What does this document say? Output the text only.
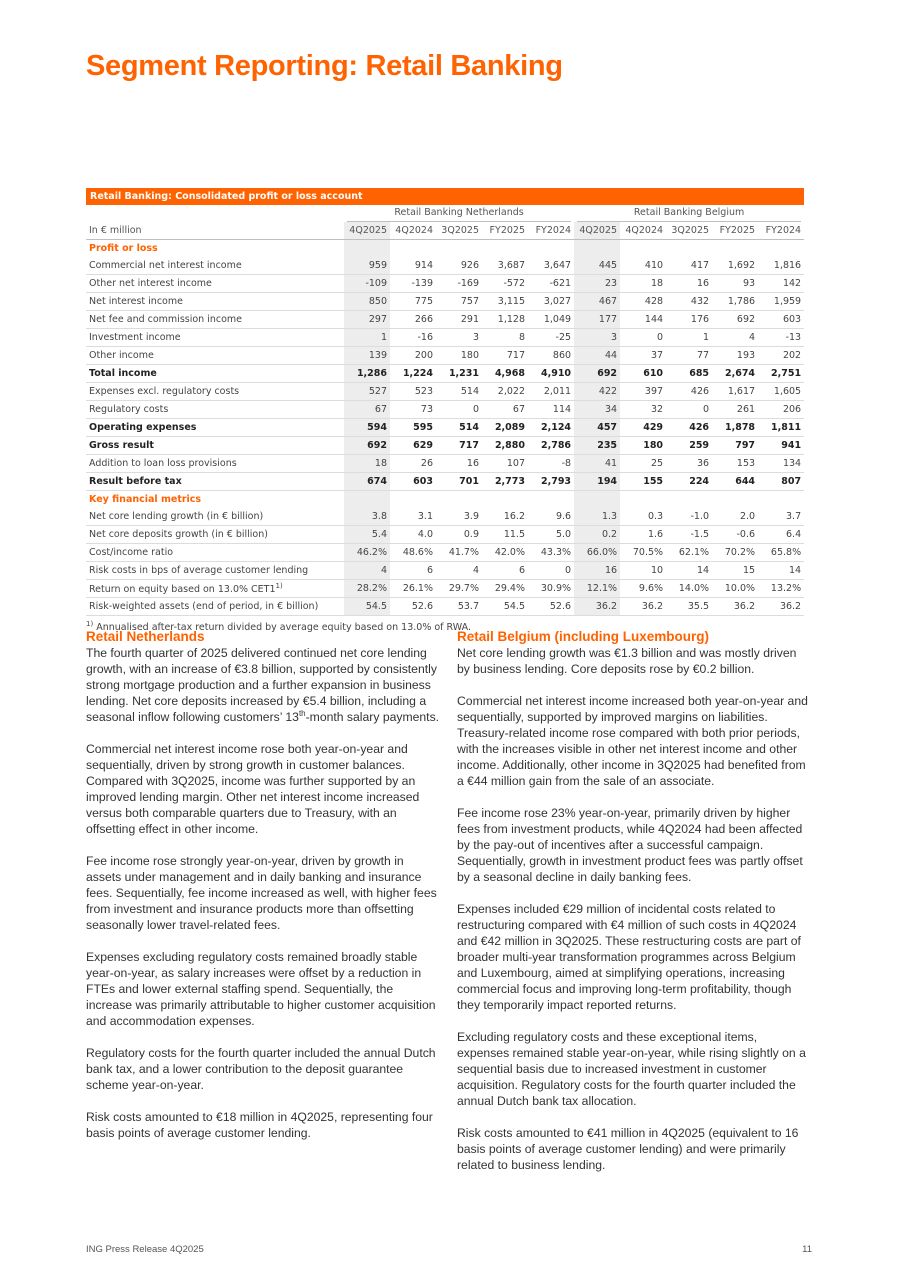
Segment Reporting: Retail Banking
Retail Banking: Consolidated profit or loss account

	Retail Banking Netherlands					Retail Banking Belgium				

In € million	4Q2025	4Q2024	3Q2025	FY2025	FY2024	4Q2025	4Q2024	3Q2025	FY2025	FY2024
Profit or loss										
Commercial net interest income	959	914	926	3,687	3,647	445	410	417	1,692	1,816
Other net interest income	-109	-139	-169	-572	-621	23	18	16	93	142
Net interest income	850	775	757	3,115	3,027	467	428	432	1,786	1,959
Net fee and commission income	297	266	291	1,128	1,049	177	144	176	692	603
Investment income	1	-16	3	8	-25	3	0	1	4	-13
Other income	139	200	180	717	860	44	37	77	193	202
Total income	1,286	1,224	1,231	4,968	4,910	692	610	685	2,674	2,751
Expenses excl. regulatory costs	527	523	514	2,022	2,011	422	397	426	1,617	1,605
Regulatory costs	67	73	0	67	114	34	32	0	261	206
Operating expenses	594	595	514	2,089	2,124	457	429	426	1,878	1,811
Gross result	692	629	717	2,880	2,786	235	180	259	797	941
Addition to loan loss provisions	18	26	16	107	-8	41	25	36	153	134
Result before tax	674	603	701	2,773	2,793	194	155	224	644	807
Key financial metrics										
Net core lending growth (in € billion)	3.8	3.1	3.9	16.2	9.6	1.3	0.3	-1.0	2.0	3.7
Net core deposits growth (in € billion)	5.4	4.0	0.9	11.5	5.0	0.2	1.6	-1.5	-0.6	6.4
Cost/income ratio	46.2%	48.6%	41.7%	42.0%	43.3%	66.0%	70.5%	62.1%	70.2%	65.8%
Risk costs in bps of average customer lending	4	6	4	6	0	16	10	14	15	14
Return on equity based on 13.0% CET1$^{1)}$	28.2%	26.1%	29.7%	29.4%	30.9%	12.1%	9.6%	14.0%	10.0%	13.2%
Risk-weighted assets (end of period, in € billion)	54.5	52.6	53.7	54.5	52.6	36.2	36.2	35.5	36.2	36.2
$^{1)}$ Annualised after-tax return divided by average equity based on 13.0% of RWA.
Retail Netherlands

The fourth quarter of 2025 delivered continued net core lending growth, with an increase of €3.8 billion, supported by consistently strong mortgage production and a further expansion in business lending. Net core deposits increased by €5.4 billion, including a seasonal inflow following customers’ 13th-month salary payments.

Commercial net interest income rose both year-on-year and sequentially, driven by strong growth in customer balances. Compared with 3Q2025, income was further supported by an improved lending margin. Other net interest income increased versus both comparable quarters due to Treasury, with an offsetting effect in other income.

Fee income rose strongly year-on-year, driven by growth in assets under management and in daily banking and insurance fees. Sequentially, fee income increased as well, with higher fees from investment and insurance products more than offsetting seasonally lower travel-related fees.

Expenses excluding regulatory costs remained broadly stable year-on-year, as salary increases were offset by a reduction in FTEs and lower external staffing spend. Sequentially, the increase was primarily attributable to higher customer acquisition and accommodation expenses.

Regulatory costs for the fourth quarter included the annual Dutch bank tax, and a lower contribution to the deposit guarantee scheme year-on-year.

Risk costs amounted to €18 million in 4Q2025, representing four basis points of average customer lending.

Retail Belgium (including Luxembourg)

Net core lending growth was €1.3 billion and was mostly driven by business lending. Core deposits rose by €0.2 billion.

Commercial net interest income increased both year-on-year and sequentially, supported by improved margins on liabilities. Treasury-related income rose compared with both prior periods, with the increases visible in other net interest income and other income. Additionally, other income in 3Q2025 had benefited from a €44 million gain from the sale of an associate.

Fee income rose 23% year-on-year, primarily driven by higher fees from investment products, while 4Q2024 had been affected by the pay-out of incentives after a successful campaign. Sequentially, growth in investment product fees was partly offset by a seasonal decline in daily banking fees.

Expenses included €29 million of incidental costs related to restructuring compared with €4 million of such costs in 4Q2024 and €42 million in 3Q2025. These restructuring costs are part of broader multi-year transformation programmes across Belgium and Luxembourg, aimed at simplifying operations, increasing commercial focus and improving long-term profitability, though they temporarily impact reported returns.

Excluding regulatory costs and these exceptional items, expenses remained stable year-on-year, while rising slightly on a sequential basis due to increased investment in customer acquisition. Regulatory costs for the fourth quarter included the annual Dutch bank tax allocation.

Risk costs amounted to €41 million in 4Q2025 (equivalent to 16 basis points of average customer lending) and were primarily related to business lending.

ING Press Release 4Q2025	11
